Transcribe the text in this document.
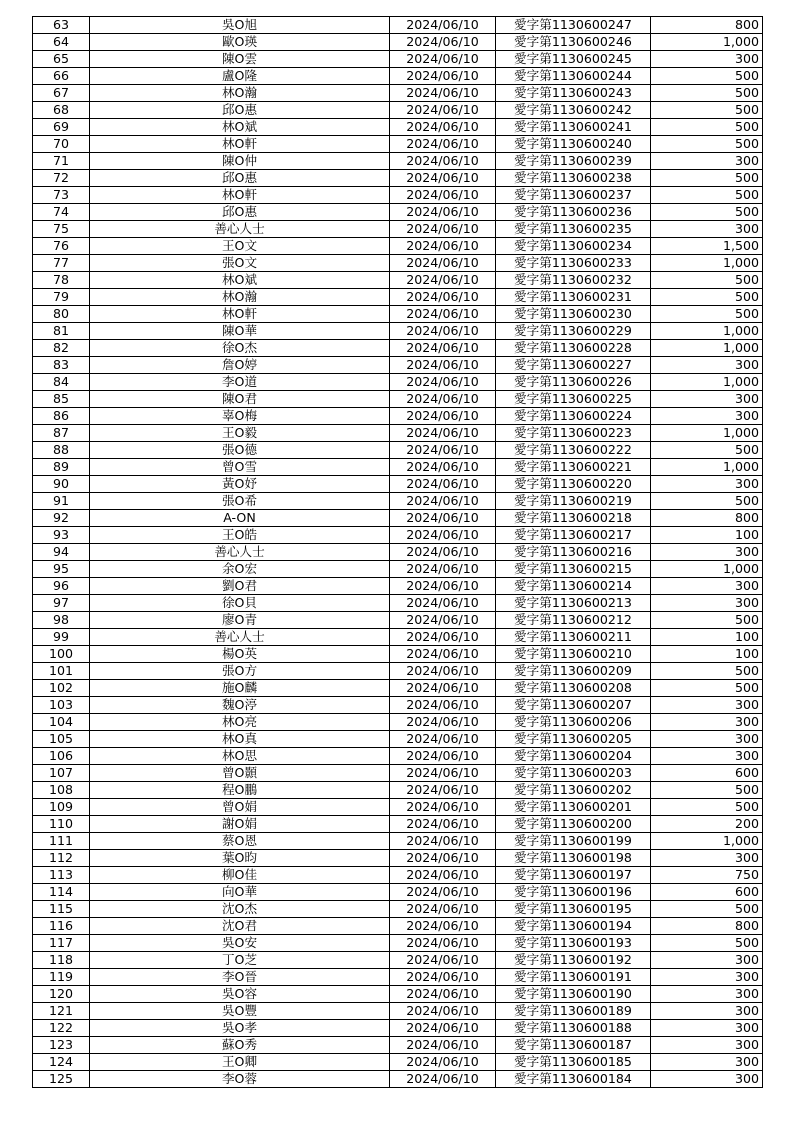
63	吳O旭	2024/06/10	愛字第1130600247	800
64	歐O瑛	2024/06/10	愛字第1130600246	1,000
65	陳O雲	2024/06/10	愛字第1130600245	300
66	盧O隆	2024/06/10	愛字第1130600244	500
67	林O瀚	2024/06/10	愛字第1130600243	500
68	邱O惠	2024/06/10	愛字第1130600242	500
69	林O斌	2024/06/10	愛字第1130600241	500
70	林O軒	2024/06/10	愛字第1130600240	500
71	陳O仲	2024/06/10	愛字第1130600239	300
72	邱O惠	2024/06/10	愛字第1130600238	500
73	林O軒	2024/06/10	愛字第1130600237	500
74	邱O惠	2024/06/10	愛字第1130600236	500
75	善心人士	2024/06/10	愛字第1130600235	300
76	王O文	2024/06/10	愛字第1130600234	1,500
77	張O文	2024/06/10	愛字第1130600233	1,000
78	林O斌	2024/06/10	愛字第1130600232	500
79	林O瀚	2024/06/10	愛字第1130600231	500
80	林O軒	2024/06/10	愛字第1130600230	500
81	陳O華	2024/06/10	愛字第1130600229	1,000
82	徐O杰	2024/06/10	愛字第1130600228	1,000
83	詹O婷	2024/06/10	愛字第1130600227	300
84	李O道	2024/06/10	愛字第1130600226	1,000
85	陳O君	2024/06/10	愛字第1130600225	300
86	辜O梅	2024/06/10	愛字第1130600224	300
87	王O毅	2024/06/10	愛字第1130600223	1,000
88	張O德	2024/06/10	愛字第1130600222	500
89	曾O雪	2024/06/10	愛字第1130600221	1,000
90	黃O妤	2024/06/10	愛字第1130600220	300
91	張O希	2024/06/10	愛字第1130600219	500
92	A-ON	2024/06/10	愛字第1130600218	800
93	王O皓	2024/06/10	愛字第1130600217	100
94	善心人士	2024/06/10	愛字第1130600216	300
95	余O宏	2024/06/10	愛字第1130600215	1,000
96	劉O君	2024/06/10	愛字第1130600214	300
97	徐O貝	2024/06/10	愛字第1130600213	300
98	廖O青	2024/06/10	愛字第1130600212	500
99	善心人士	2024/06/10	愛字第1130600211	100
100	楊O英	2024/06/10	愛字第1130600210	100
101	張O方	2024/06/10	愛字第1130600209	500
102	施O麟	2024/06/10	愛字第1130600208	500
103	魏O渟	2024/06/10	愛字第1130600207	300
104	林O亮	2024/06/10	愛字第1130600206	300
105	林O真	2024/06/10	愛字第1130600205	300
106	林O思	2024/06/10	愛字第1130600204	300
107	曾O顥	2024/06/10	愛字第1130600203	600
108	程O鵬	2024/06/10	愛字第1130600202	500
109	曾O娟	2024/06/10	愛字第1130600201	500
110	謝O娟	2024/06/10	愛字第1130600200	200
111	蔡O恩	2024/06/10	愛字第1130600199	1,000
112	葉O昀	2024/06/10	愛字第1130600198	300
113	柳O佳	2024/06/10	愛字第1130600197	750
114	向O華	2024/06/10	愛字第1130600196	600
115	沈O杰	2024/06/10	愛字第1130600195	500
116	沈O君	2024/06/10	愛字第1130600194	800
117	吳O安	2024/06/10	愛字第1130600193	500
118	丁O芝	2024/06/10	愛字第1130600192	300
119	李O晉	2024/06/10	愛字第1130600191	300
120	吳O容	2024/06/10	愛字第1130600190	300
121	吳O豐	2024/06/10	愛字第1130600189	300
122	吳O孝	2024/06/10	愛字第1130600188	300
123	蘇O秀	2024/06/10	愛字第1130600187	300
124	王O卿	2024/06/10	愛字第1130600185	300
125	李O蓉	2024/06/10	愛字第1130600184	300
